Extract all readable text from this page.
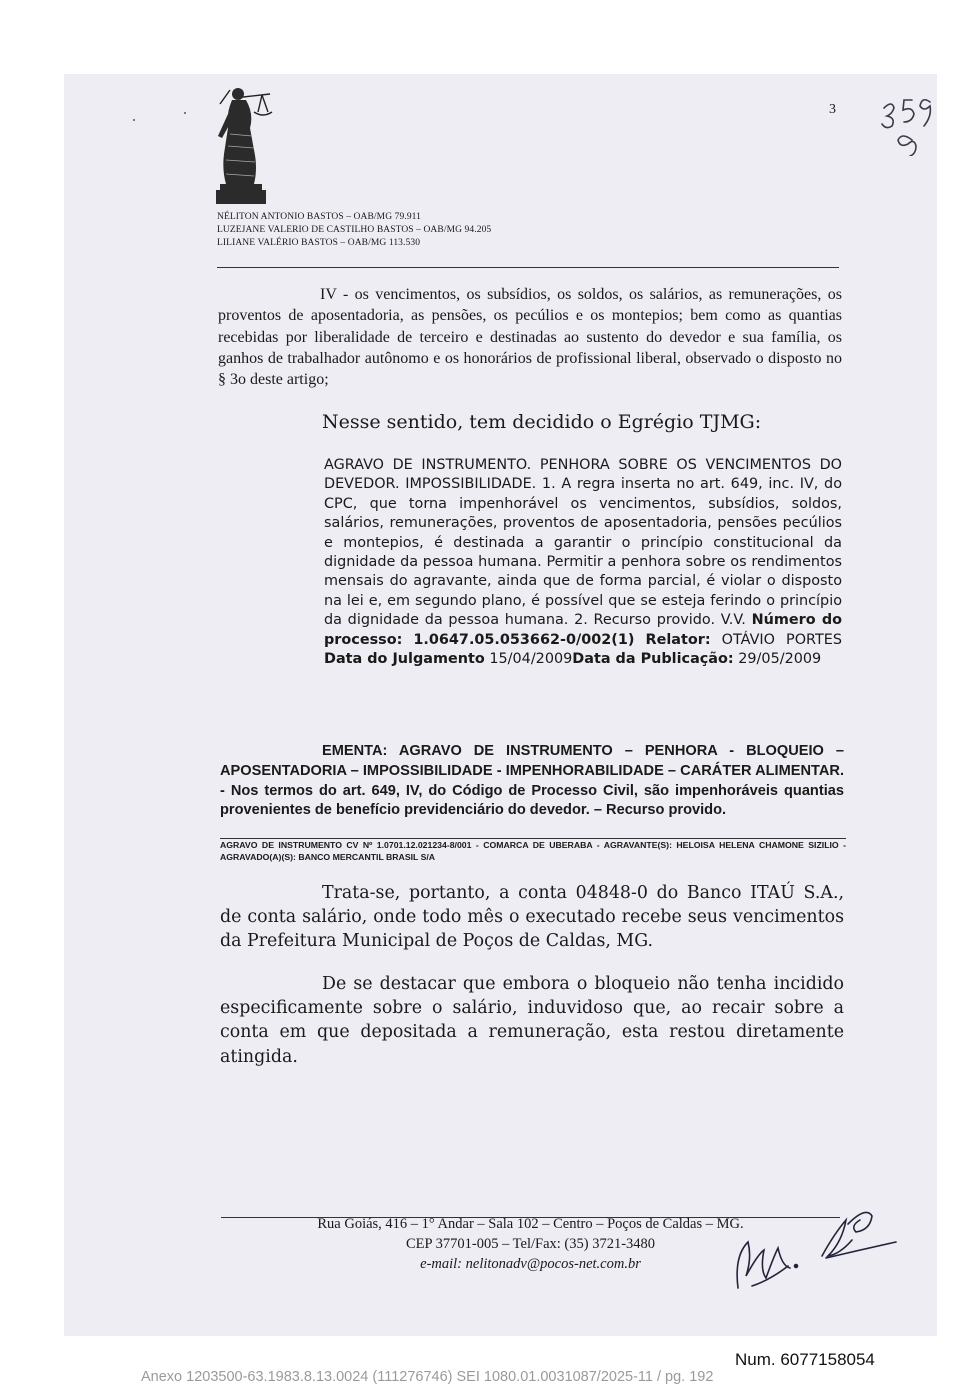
3
NÉLITON ANTONIO BASTOS – OAB/MG 79.911
LUZEJANE VALERIO DE CASTILHO BASTOS – OAB/MG 94.205
LILIANE VALÉRIO BASTOS – OAB/MG 113.530
IV - os vencimentos, os subsídios, os soldos, os salários, as remunerações, os proventos de aposentadoria, as pensões, os pecúlios e os montepios; bem como as quantias recebidas por liberalidade de terceiro e destinadas ao sustento do devedor e sua família, os ganhos de trabalhador autônomo e os honorários de profissional liberal, observado o disposto no § 3o deste artigo;
Nesse sentido, tem decidido o Egrégio TJMG:
AGRAVO DE INSTRUMENTO. PENHORA SOBRE OS VENCIMENTOS DO DEVEDOR. IMPOSSIBILIDADE. 1. A regra inserta no art. 649, inc. IV, do CPC, que torna impenhorável os vencimentos, subsídios, soldos, salários, remunerações, proventos de aposentadoria, pensões pecúlios e montepios, é destinada a garantir o princípio constitucional da dignidade da pessoa humana. Permitir a penhora sobre os rendimentos mensais do agravante, ainda que de forma parcial, é violar o disposto na lei e, em segundo plano, é possível que se esteja ferindo o princípio da dignidade da pessoa humana. 2. Recurso provido. V.V. Número do processo: 1.0647.05.053662-0/002(1) Relator: OTÁVIO PORTES Data do Julgamento 15/04/2009Data da Publicação: 29/05/2009
EMENTA: AGRAVO DE INSTRUMENTO – PENHORA - BLOQUEIO – APOSENTADORIA – IMPOSSIBILIDADE - IMPENHORABILIDADE – CARÁTER ALIMENTAR. - Nos termos do art. 649, IV, do Código de Processo Civil, são impenhoráveis quantias provenientes de benefício previdenciário do devedor. – Recurso provido.
AGRAVO DE INSTRUMENTO CV Nº 1.0701.12.021234-8/001 - COMARCA DE UBERABA - AGRAVANTE(S): HELOISA HELENA CHAMONE SIZILIO - AGRAVADO(A)(S): BANCO MERCANTIL BRASIL S/A
Trata-se, portanto, a conta 04848-0 do Banco ITAÚ S.A., de conta salário, onde todo mês o executado recebe seus vencimentos da Prefeitura Municipal de Poços de Caldas, MG.
De se destacar que embora o bloqueio não tenha incidido especificamente sobre o salário, induvidoso que, ao recair sobre a conta em que depositada a remuneração, esta restou diretamente atingida.
Rua Goiás, 416 – 1° Andar – Sala 102 – Centro – Poços de Caldas – MG.
CEP 37701-005 – Tel/Fax: (35) 3721-3480
e-mail: nelitonadv@pocos-net.com.br
Num. 6077158054
Anexo 1203500-63.1983.8.13.0024 (111276746) SEI 1080.01.0031087/2025-11 / pg. 192
